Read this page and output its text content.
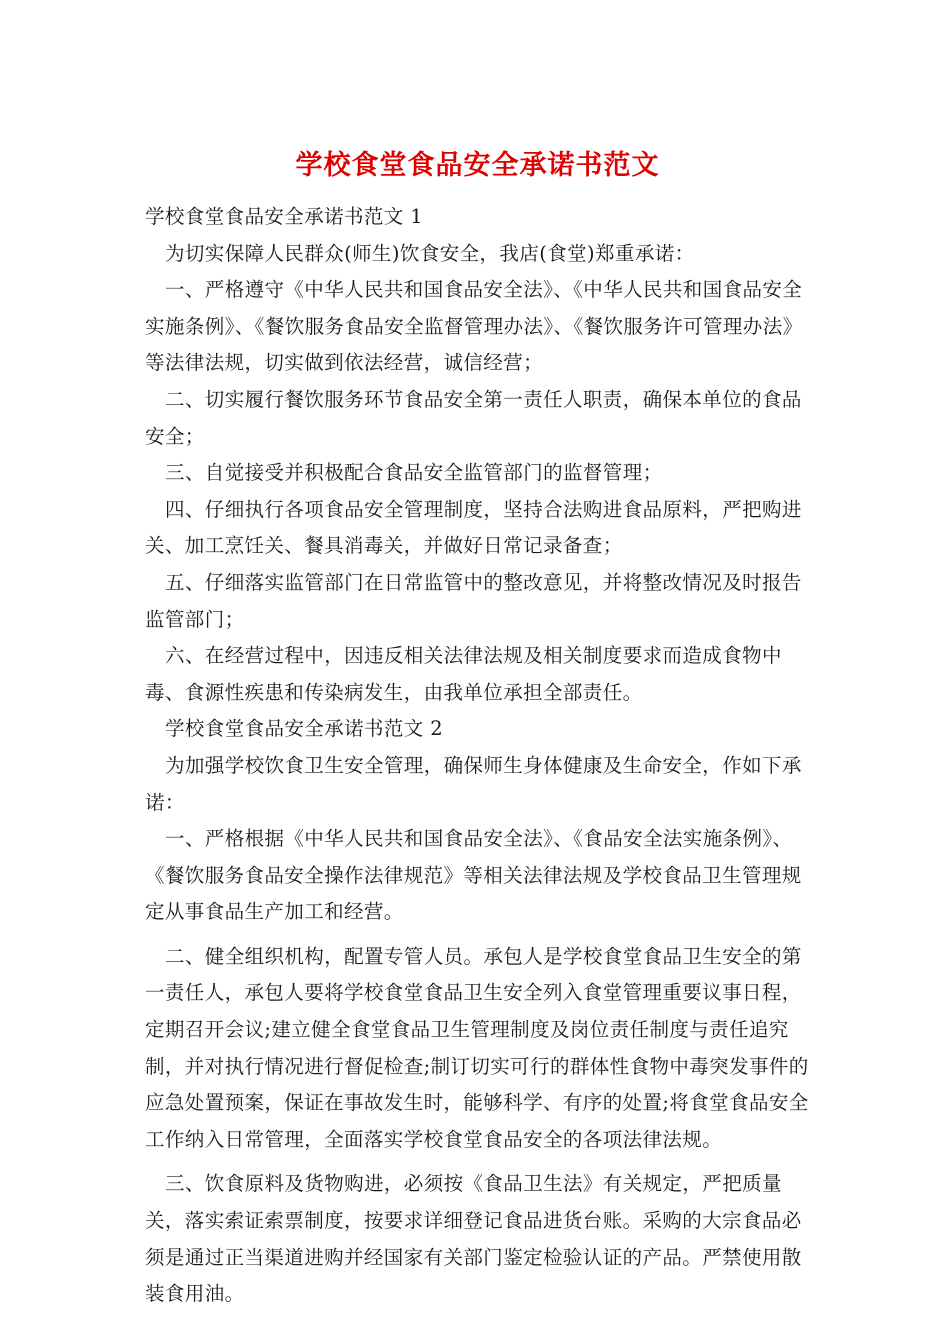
学校食堂食品安全承诺书范文

学校食堂食品安全承诺书范文 1

为切实保障人民群众(师生)饮食安全，我店(食堂)郑重承诺：

一、严格遵守《中华人民共和国食品安全法》、《中华人民共和国食品安全实施条例》、《餐饮服务食品安全监督管理办法》、《餐饮服务许可管理办法》等法律法规，切实做到依法经营，诚信经营；

二、切实履行餐饮服务环节食品安全第一责任人职责，确保本单位的食品安全；

三、自觉接受并积极配合食品安全监管部门的监督管理；

四、仔细执行各项食品安全管理制度，坚持合法购进食品原料，严把购进关、加工烹饪关、餐具消毒关，并做好日常记录备查；

五、仔细落实监管部门在日常监管中的整改意见，并将整改情况及时报告监管部门；

六、在经营过程中，因违反相关法律法规及相关制度要求而造成食物中毒、食源性疾患和传染病发生，由我单位承担全部责任。

学校食堂食品安全承诺书范文 2

为加强学校饮食卫生安全管理，确保师生身体健康及生命安全，作如下承诺：

一、严格根据《中华人民共和国食品安全法》、《食品安全法实施条例》、《餐饮服务食品安全操作法律规范》等相关法律法规及学校食品卫生管理规定从事食品生产加工和经营。

二、健全组织机构，配置专管人员。承包人是学校食堂食品卫生安全的第一责任人，承包人要将学校食堂食品卫生安全列入食堂管理重要议事日程，定期召开会议;建立健全食堂食品卫生管理制度及岗位责任制度与责任追究制，并对执行情况进行督促检查;制订切实可行的群体性食物中毒突发事件的应急处置预案，保证在事故发生时，能够科学、有序的处置;将食堂食品安全工作纳入日常管理，全面落实学校食堂食品安全的各项法律法规。

三、饮食原料及货物购进，必须按《食品卫生法》有关规定，严把质量关，落实索证索票制度，按要求详细登记食品进货台账。采购的大宗食品必须是通过正当渠道进购并经国家有关部门鉴定检验认证的产品。严禁使用散装食用油。
